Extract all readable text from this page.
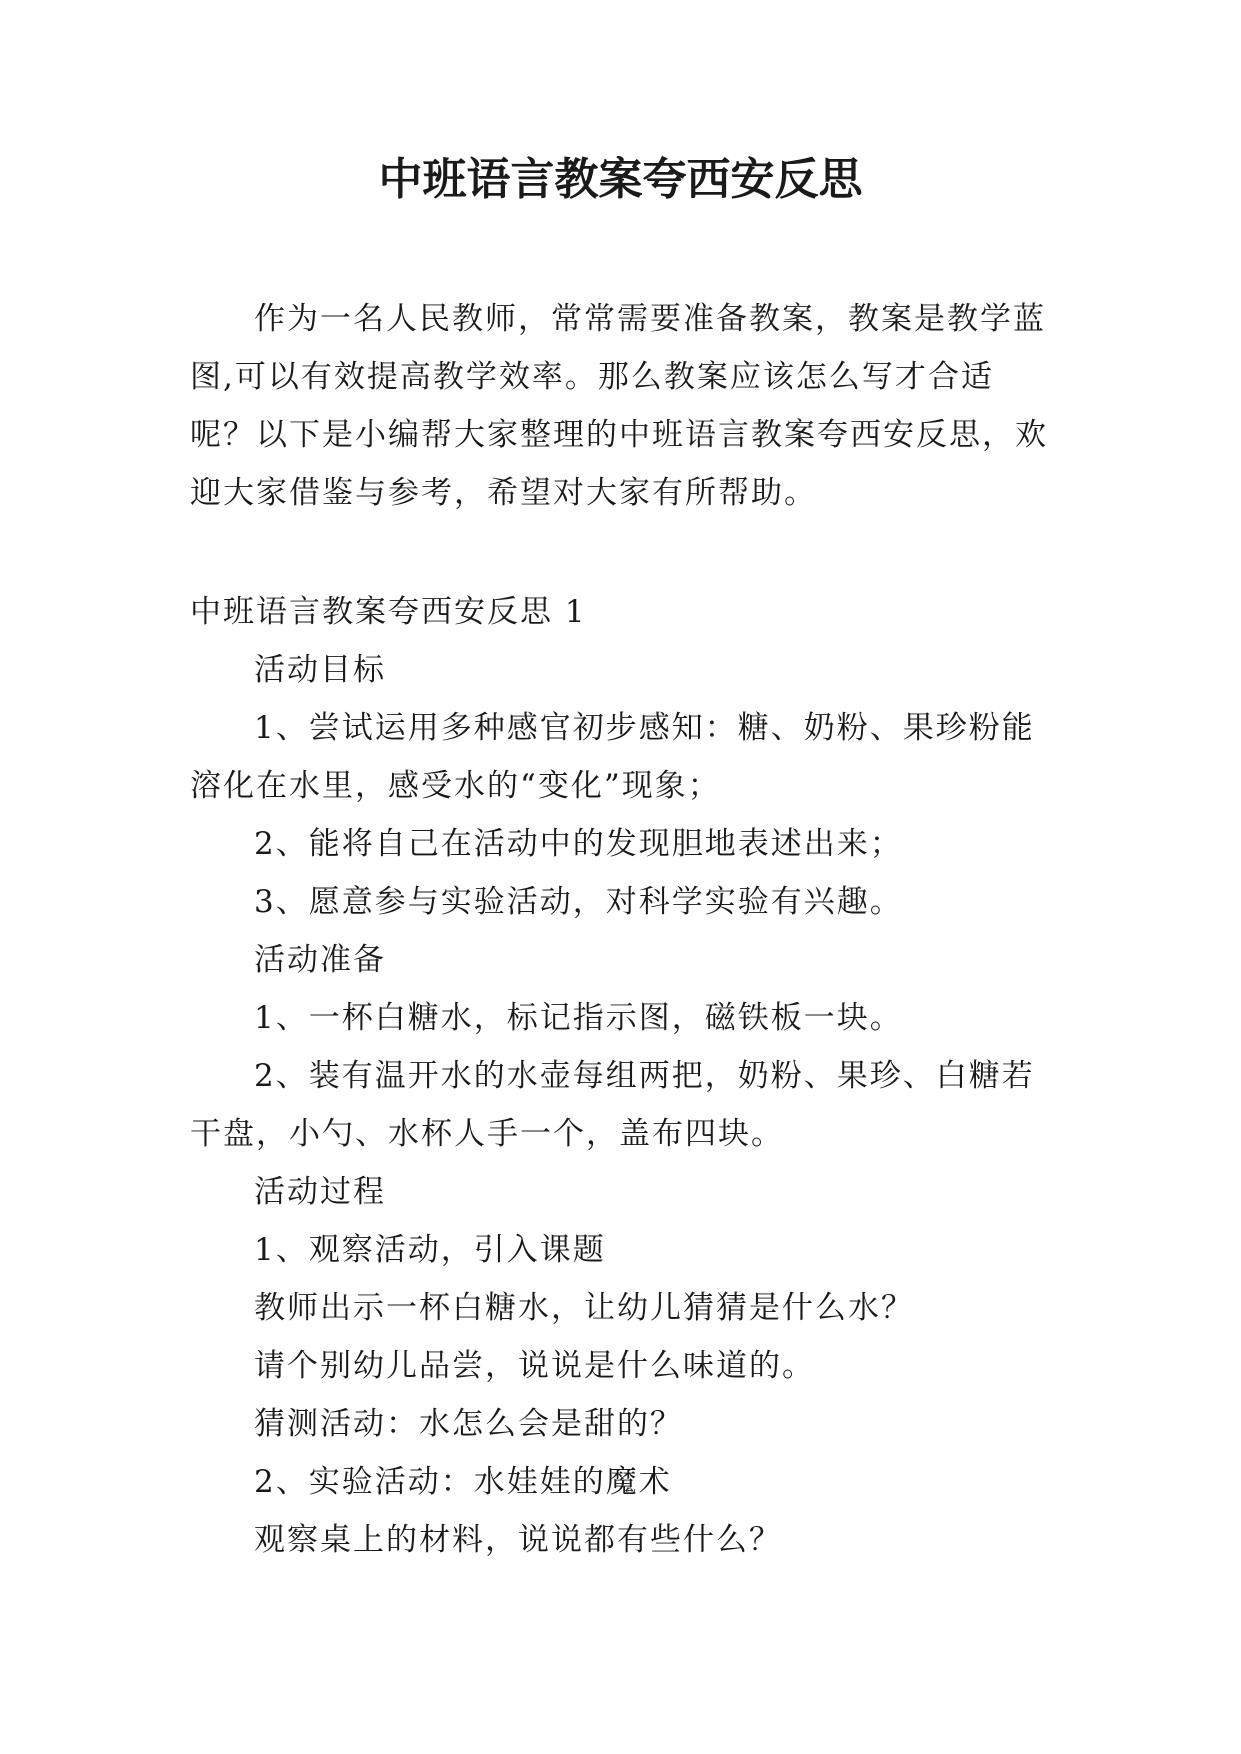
中班语言教案夸西安反思
作为一名人民教师，常常需要准备教案，教案是教学蓝图,可以有效提高教学效率。那么教案应该怎么写才合适呢？以下是小编帮大家整理的中班语言教案夸西安反思，欢迎大家借鉴与参考，希望对大家有所帮助。

中班语言教案夸西安反思 1

活动目标

1、尝试运用多种感官初步感知：糖、奶粉、果珍粉能溶化在水里，感受水的“变化”现象；

2、能将自己在活动中的发现胆地表述出来；

3、愿意参与实验活动，对科学实验有兴趣。

活动准备

1、一杯白糖水，标记指示图，磁铁板一块。

2、装有温开水的水壶每组两把，奶粉、果珍、白糖若干盘，小勺、水杯人手一个，盖布四块。

活动过程

1、观察活动，引入课题

教师出示一杯白糖水，让幼儿猜猜是什么水？

请个别幼儿品尝，说说是什么味道的。

猜测活动：水怎么会是甜的？

2、实验活动：水娃娃的魔术

观察桌上的材料，说说都有些什么？
